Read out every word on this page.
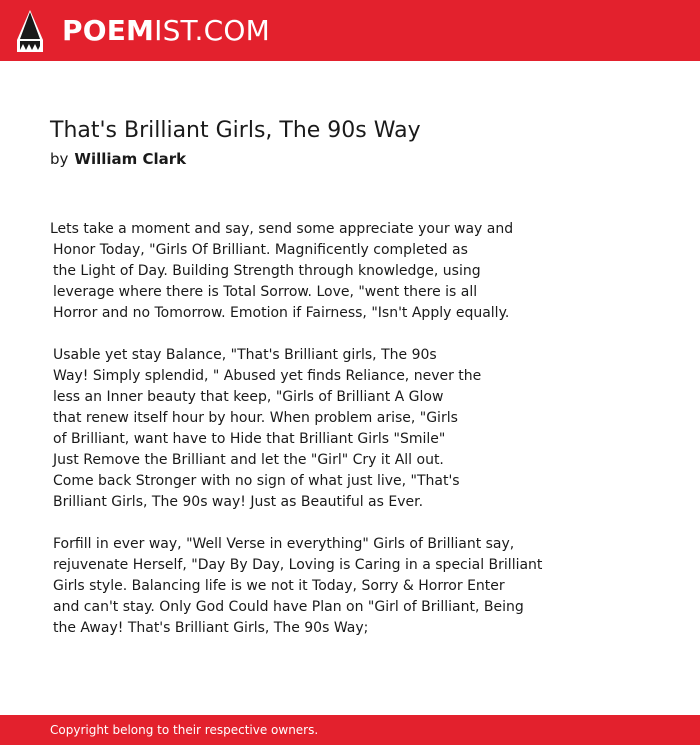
POEMIST.COM
That's Brilliant Girls, The 90s Way
by William Clark
Lets take a moment and say, send some appreciate your way and
Honor Today, "Girls Of Brilliant. Magnificently completed as
the Light of Day. Building Strength through knowledge, using
leverage where there is Total Sorrow. Love, "went there is all
Horror and no Tomorrow. Emotion if Fairness, "Isn't Apply equally.
Usable yet stay Balance, "That's Brilliant girls, The 90s
Way! Simply splendid, " Abused yet finds Reliance, never the
less an Inner beauty that keep, "Girls of Brilliant A Glow
that renew itself hour by hour. When problem arise, "Girls
of Brilliant, want have to Hide that Brilliant Girls "Smile"
Just Remove the Brilliant and let the "Girl" Cry it All out.
Come back Stronger with no sign of what just live, "That's
Brilliant Girls, The 90s way! Just as Beautiful as Ever.
Forfill in ever way, "Well Verse in everything" Girls of Brilliant say,
rejuvenate Herself, "Day By Day, Loving is Caring in a special Brilliant
Girls style. Balancing life is we not it Today, Sorry & Horror Enter
and can't stay. Only God Could have Plan on "Girl of Brilliant, Being
the Away! That's Brilliant Girls, The 90s Way;
Copyright belong to their respective owners.
